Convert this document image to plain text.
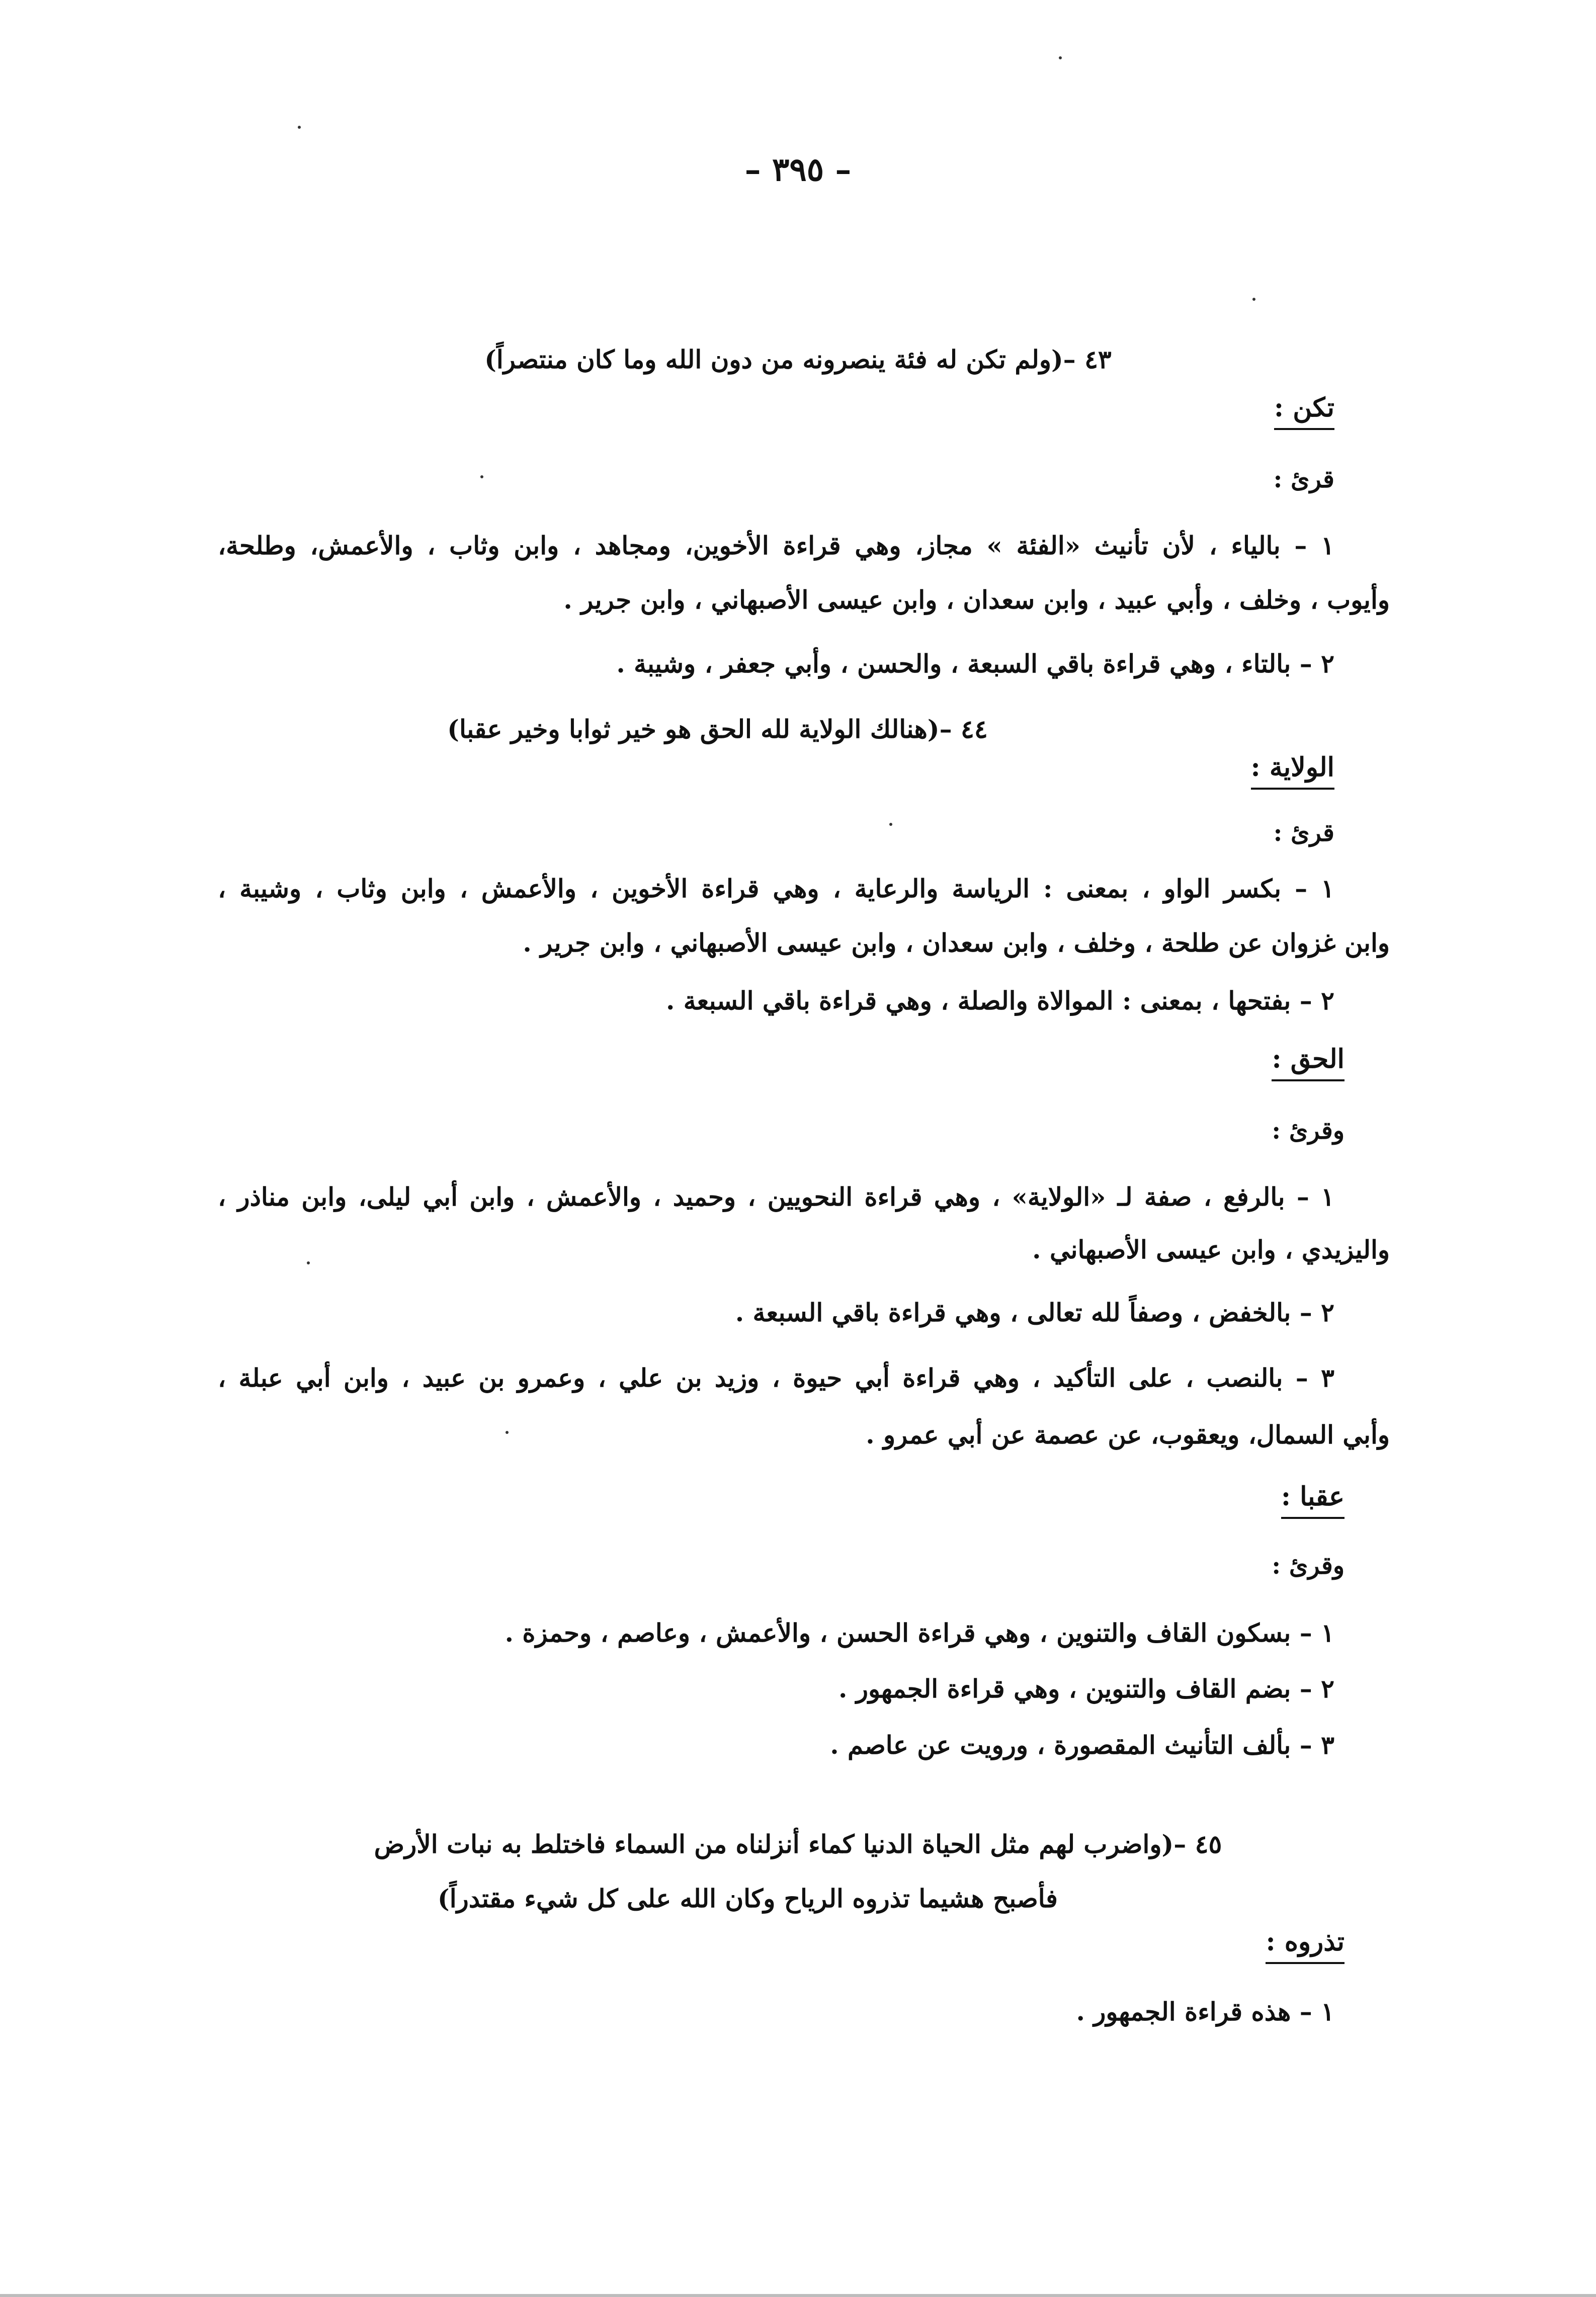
– ٣٩٥ –
٤٣ –(ولم تكن له فئة ينصرونه من دون الله وما كان منتصراً)
تكن :
قرئ :
١ – بالياء ، لأن تأنيث «الفئة » مجاز، وهي قراءة الأخوين، ومجاهد ، وابن وثاب ، والأعمش، وطلحة،
وأيوب ، وخلف ، وأبي عبيد ، وابن سعدان ، وابن عيسى الأصبهاني ، وابن جرير .
٢ – بالتاء ، وهي قراءة باقي السبعة ، والحسن ، وأبي جعفر ، وشيبة .
٤٤ –(هنالك الولاية لله الحق هو خير ثوابا وخير عقبا)
الولاية :
قرئ :
١ – بكسر الواو ، بمعنى : الرياسة والرعاية ، وهي قراءة الأخوين ، والأعمش ، وابن وثاب ، وشيبة ،
وابن غزوان عن طلحة ، وخلف ، وابن سعدان ، وابن عيسى الأصبهاني ، وابن جرير .
٢ – بفتحها ، بمعنى : الموالاة والصلة ، وهي قراءة باقي السبعة .
الحق :
وقرئ :
١ – بالرفع ، صفة لـ «الولاية» ، وهي قراءة النحويين ، وحميد ، والأعمش ، وابن أبي ليلى، وابن مناذر ،
واليزيدي ، وابن عيسى الأصبهاني .
٢ – بالخفض ، وصفاً لله تعالى ، وهي قراءة باقي السبعة .
٣ – بالنصب ، على التأكيد ، وهي قراءة أبي حيوة ، وزيد بن علي ، وعمرو بن عبيد ، وابن أبي عبلة ،
وأبي السمال، ويعقوب، عن عصمة عن أبي عمرو .
عقبا :
وقرئ :
١ – بسكون القاف والتنوين ، وهي قراءة الحسن ، والأعمش ، وعاصم ، وحمزة .
٢ – بضم القاف والتنوين ، وهي قراءة الجمهور .
٣ – بألف التأنيث المقصورة ، ورويت عن عاصم .
٤٥ –(واضرب لهم مثل الحياة الدنيا كماء أنزلناه من السماء فاختلط به نبات الأرض
فأصبح هشيما تذروه الرياح وكان الله على كل شيء مقتدراً)
تذروه :
١ – هذه قراءة الجمهور .
